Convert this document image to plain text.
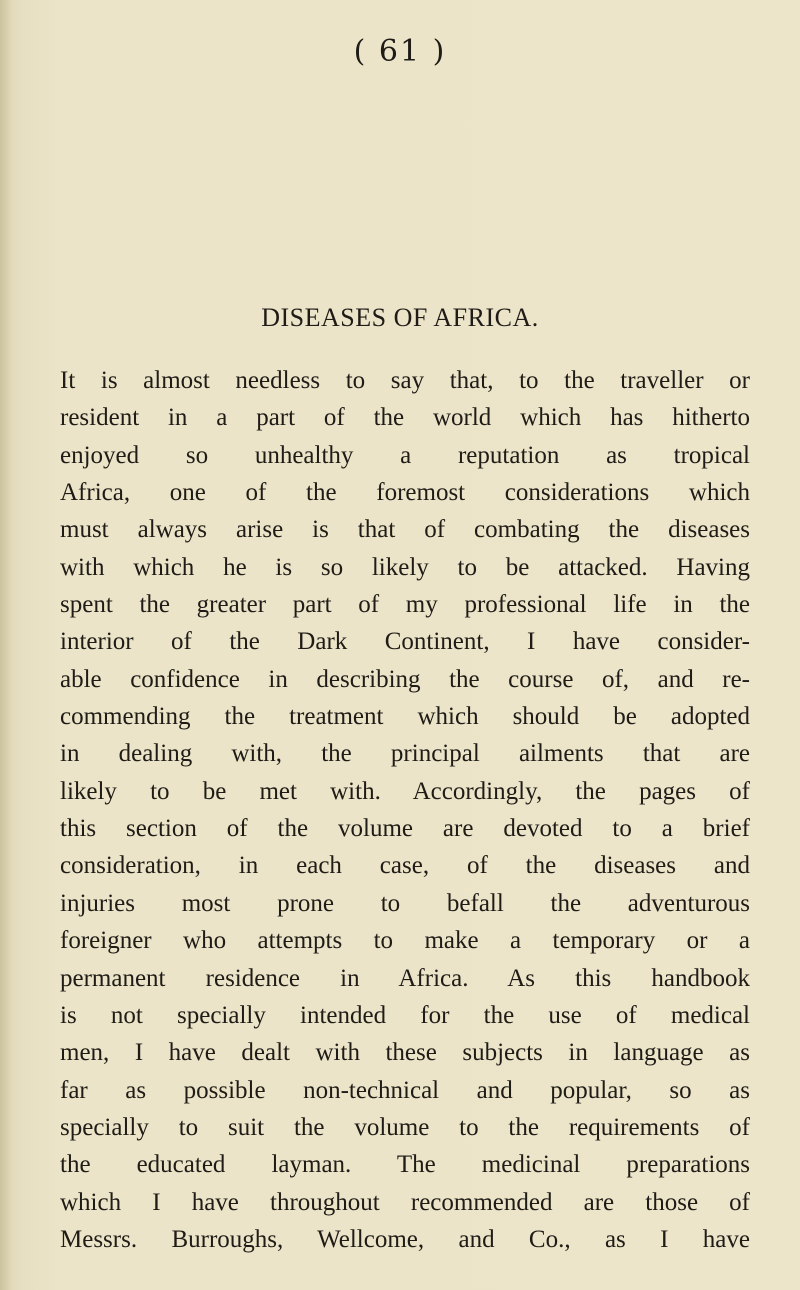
( 61 )
DISEASES OF AFRICA.
It is almost needless to say that, to the traveller or
resident in a part of the world which has hitherto
enjoyed so unhealthy a reputation as tropical
Africa, one of the foremost considerations which
must always arise is that of combating the diseases
with which he is so likely to be attacked. Having
spent the greater part of my professional life in the
interior of the Dark Continent, I have consider-
able confidence in describing the course of, and re-
commending the treatment which should be adopted
in dealing with, the principal ailments that are
likely to be met with. Accordingly, the pages of
this section of the volume are devoted to a brief
consideration, in each case, of the diseases and
injuries most prone to befall the adventurous
foreigner who attempts to make a temporary or a
permanent residence in Africa. As this handbook
is not specially intended for the use of medical
men, I have dealt with these subjects in language as
far as possible non-technical and popular, so as
specially to suit the volume to the requirements of
the educated layman. The medicinal preparations
which I have throughout recommended are those of
Messrs. Burroughs, Wellcome, and Co., as I have
